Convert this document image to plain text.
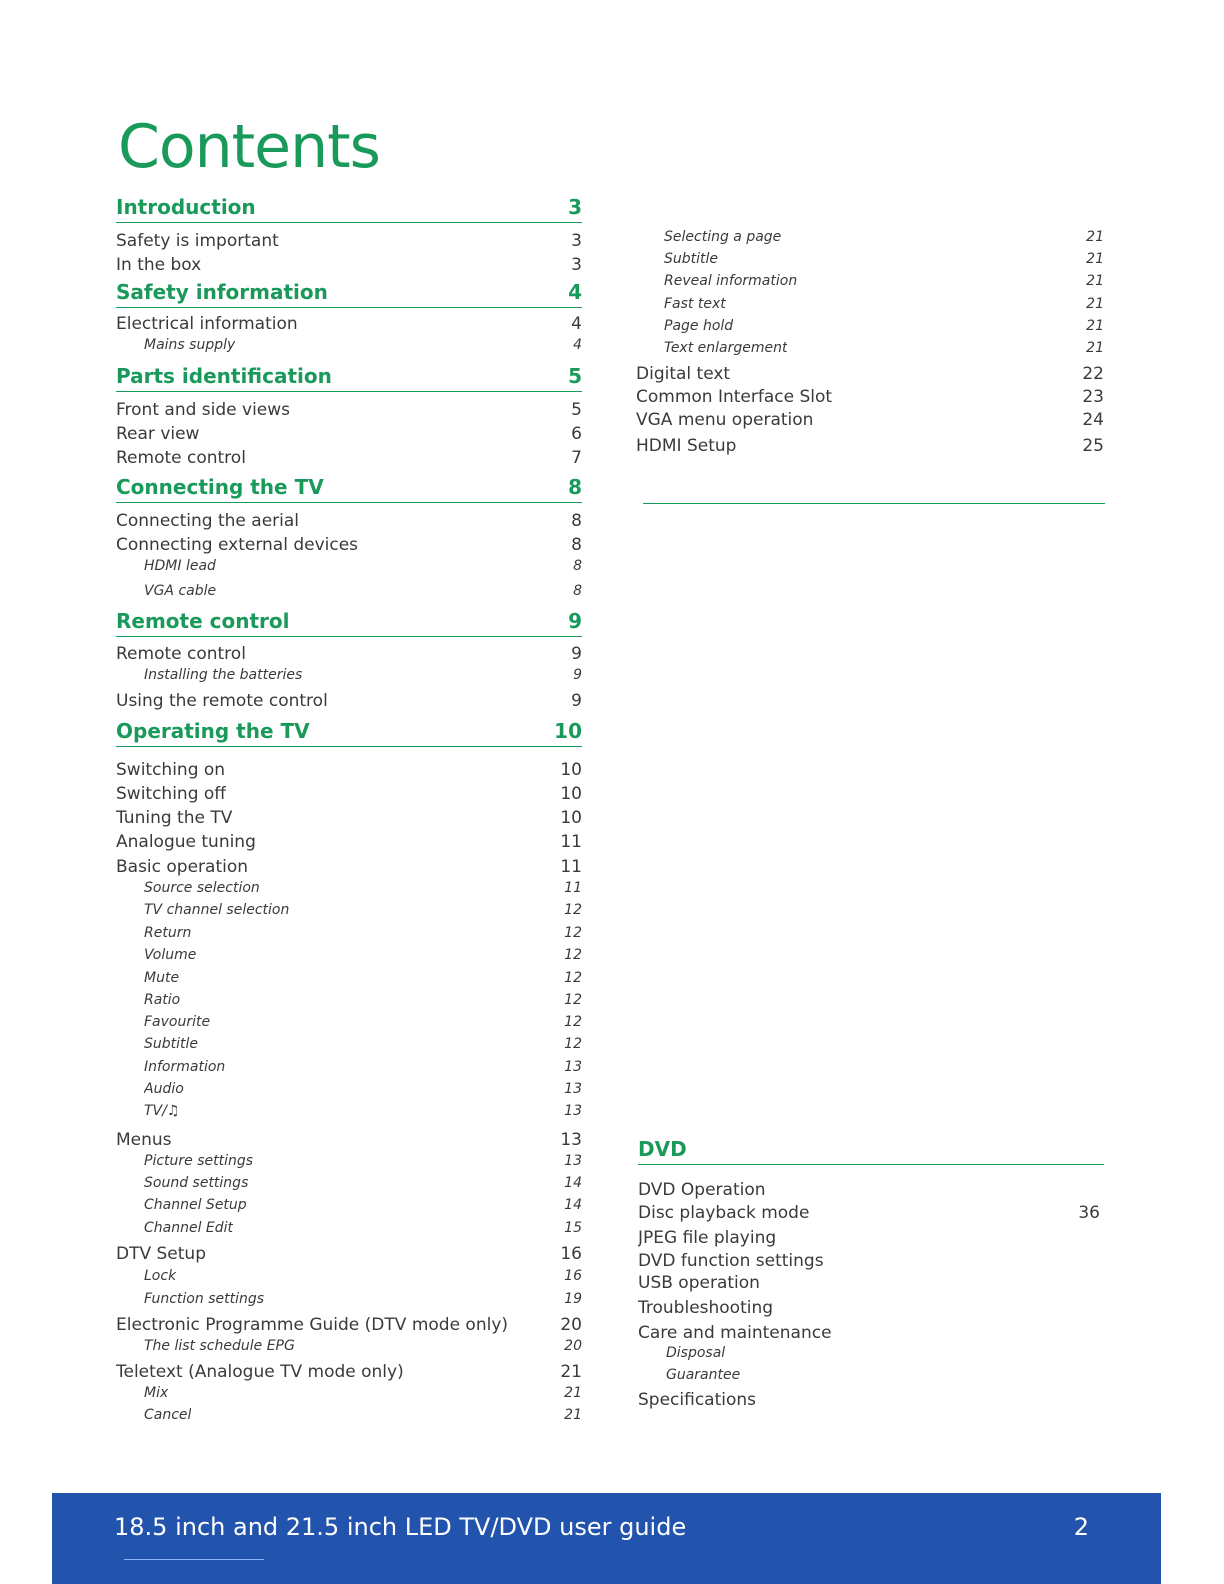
Contents
Introduction	3
Safety is important	3
In the box	3
Safety information	4
Electrical information	4
Mains supply	4
Parts identification	5
Front and side views	5
Rear view	6
Remote control	7
Connecting the TV	8
Connecting the aerial	8
Connecting external devices	8
HDMI lead	8
VGA cable	8
Remote control	9
Remote control	9
Installing the batteries	9
Using the remote control	9
Operating the TV	10
Switching on	10
Switching off	10
Tuning the TV	10
Analogue tuning	11
Basic operation	11
Source selection	11
TV channel selection	12
Return	12
Volume	12
Mute	12
Ratio	12
Favourite	12
Subtitle	12
Information	13
Audio	13
TV/♫	13
Menus	13
Picture settings	13
Sound settings	14
Channel Setup	14
Channel Edit	15
DTV Setup	16
Lock	16
Function settings	19
Electronic Programme Guide (DTV mode only)	20
The list schedule EPG	20
Teletext (Analogue TV mode only)	21
Mix	21
Cancel	21
Selecting a page	21
Subtitle	21
Reveal information	21
Fast text	21
Page hold	21
Text enlargement	21
Digital text	22
Common Interface Slot	23
VGA menu operation	24
HDMI Setup	25
DVD
DVD Operation
Disc playback mode	36
JPEG file playing
DVD function settings
USB operation
Troubleshooting
Care and maintenance
Disposal
Guarantee
Specifications
18.5 inch and 21.5 inch LED TV/DVD user guide	2
